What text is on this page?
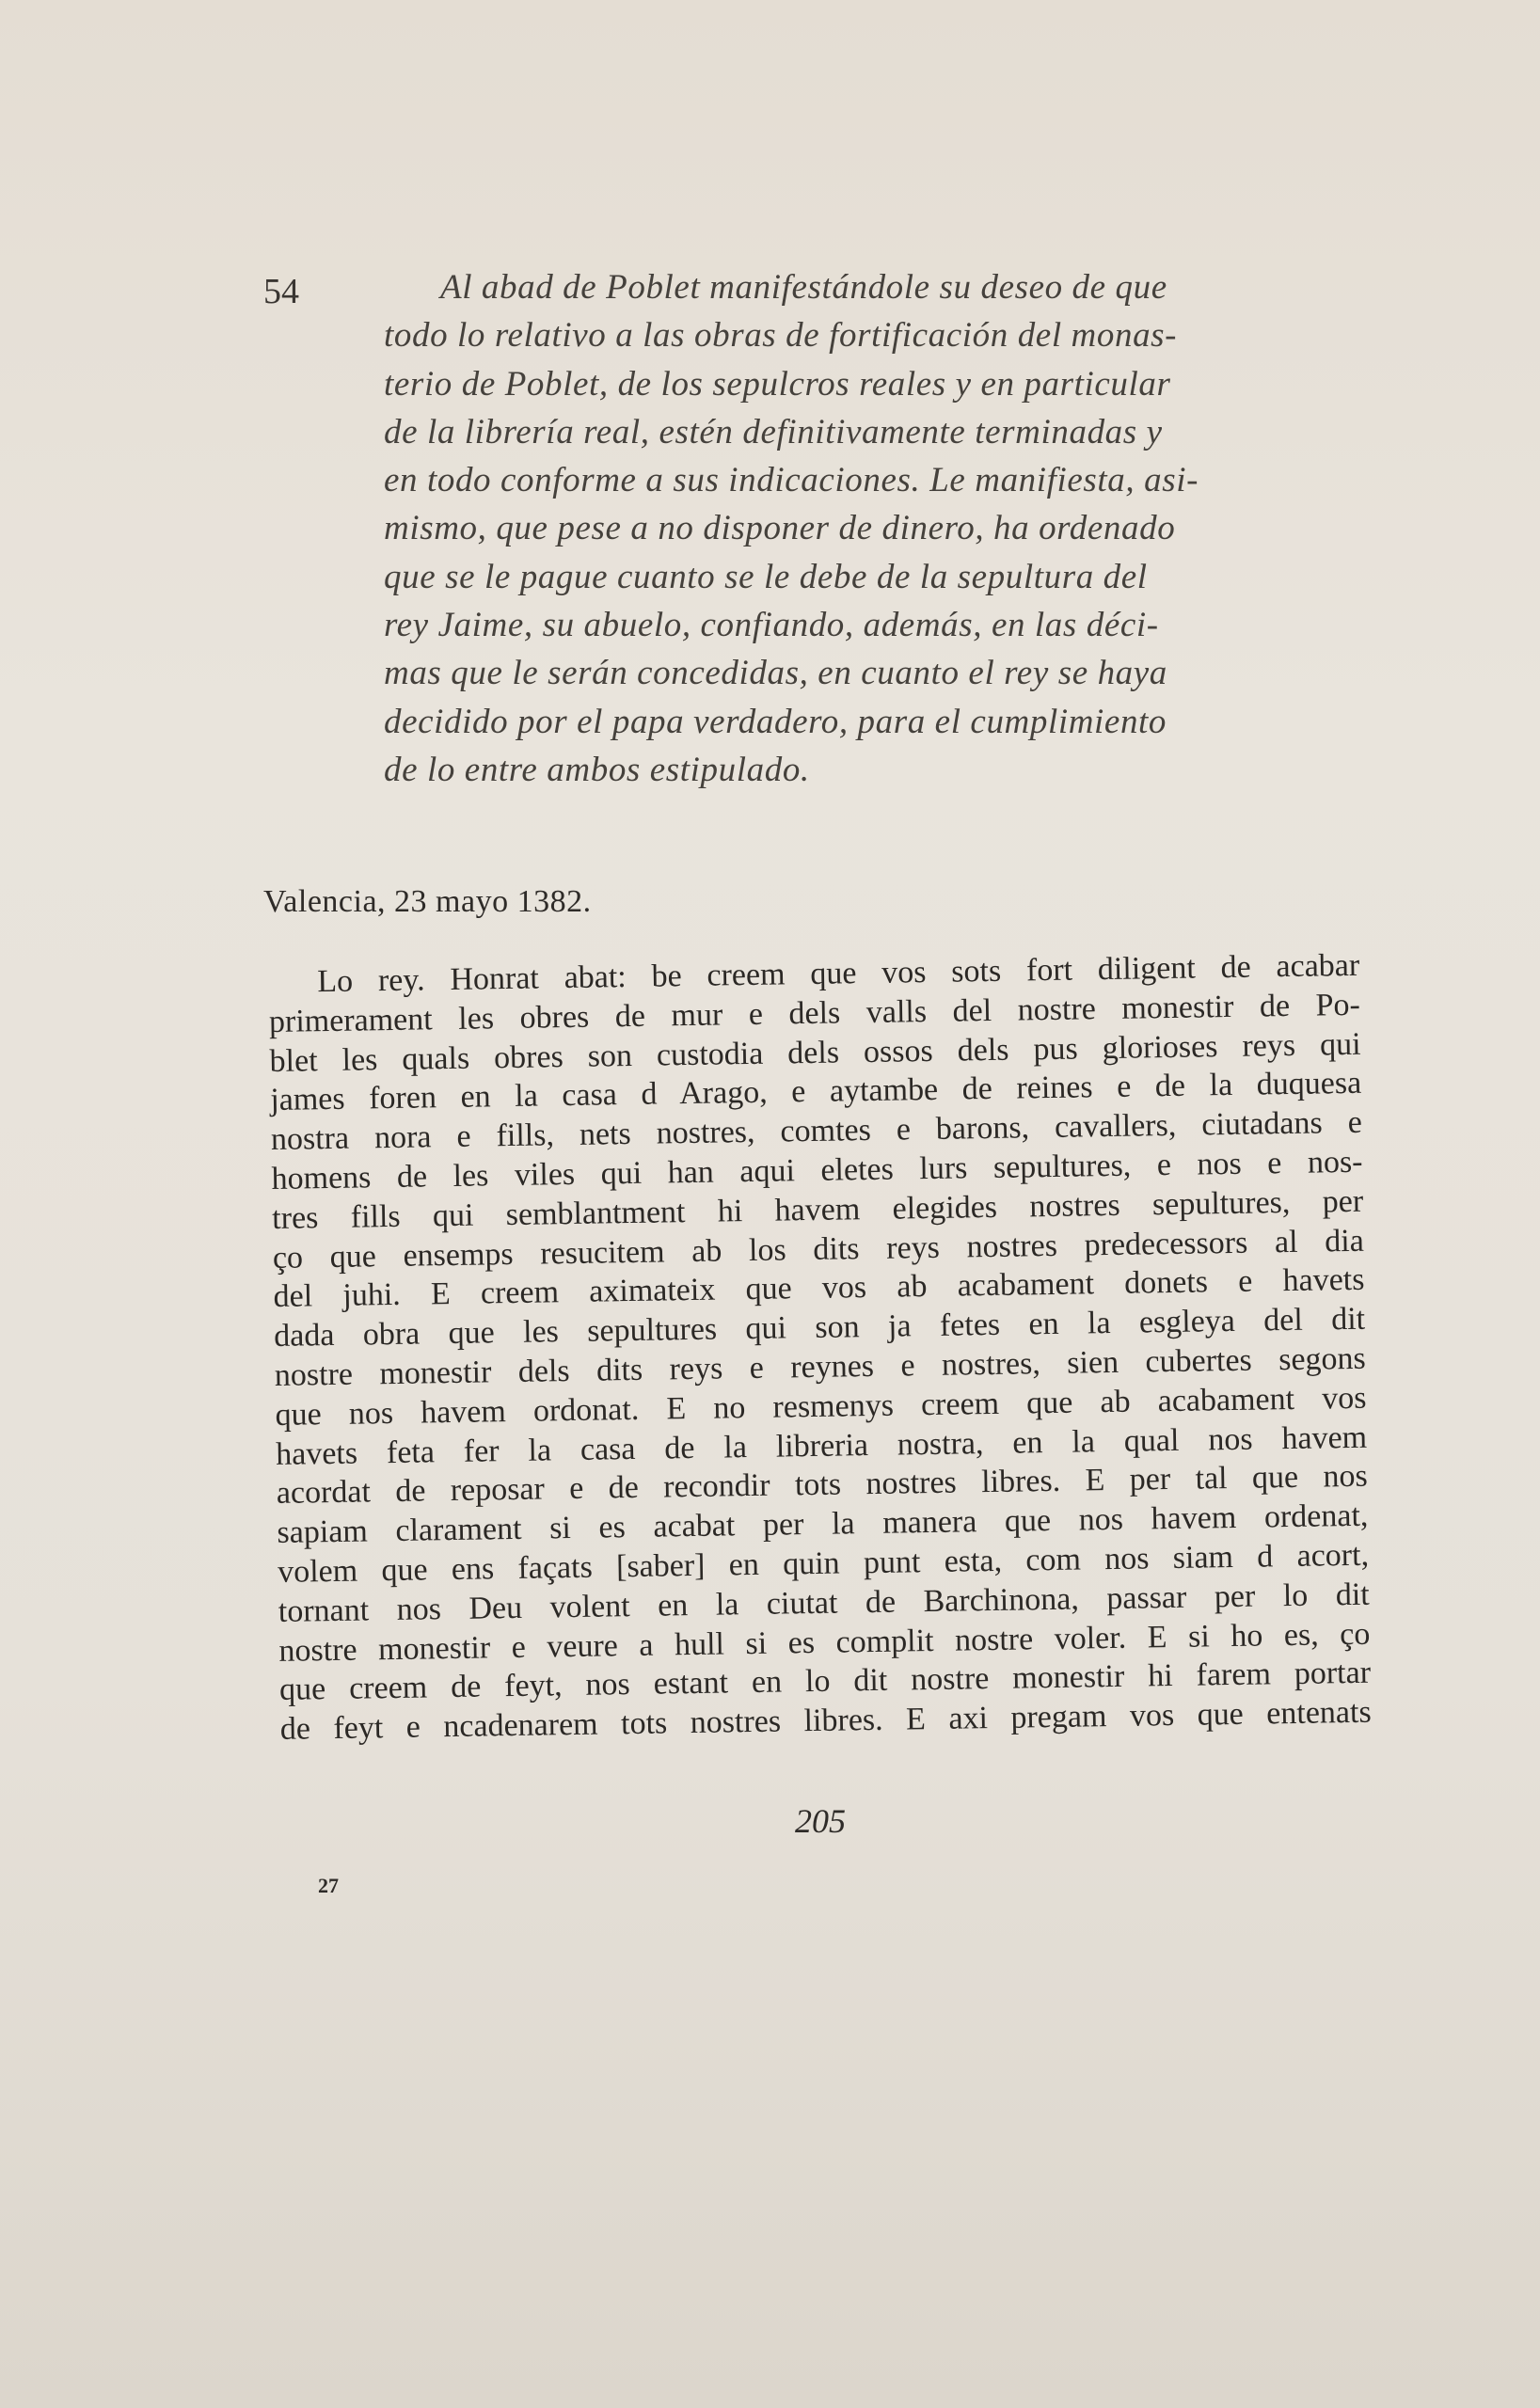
54	Al abad de Poblet manifestándole su deseo de que
todo lo relativo a las obras de fortificación del monas-
terio de Poblet, de los sepulcros reales y en particular
de la librería real, estén definitivamente terminadas y
en todo conforme a sus indicaciones. Le manifiesta, asi-
mismo, que pese a no disponer de dinero, ha ordenado
que se le pague cuanto se le debe de la sepultura del
rey Jaime, su abuelo, confiando, además, en las déci-
mas que le serán concedidas, en cuanto el rey se haya
decidido por el papa verdadero, para el cumplimiento
de lo entre ambos estipulado.
Valencia, 23 mayo 1382.
Lo rey. Honrat abat: be creem que vos sots fort diligent de acabar
primerament les obres de mur e dels valls del nostre monestir de Po-
blet les quals obres son custodia dels ossos dels pus glorioses reys qui
james foren en la casa d Arago, e aytambe de reines e de la duquesa
nostra nora e fills, nets nostres, comtes e barons, cavallers, ciutadans e
homens de les viles qui han aqui eletes lurs sepultures, e nos e nos-
tres fills qui semblantment hi havem elegides nostres sepultures, per
ço que ensemps resucitem ab los dits reys nostres predecessors al dia
del juhi. E creem aximateix que vos ab acabament donets e havets
dada obra que les sepultures qui son ja fetes en la esgleya del dit
nostre monestir dels dits reys e reynes e nostres, sien cubertes segons
que nos havem ordonat. E no resmenys creem que ab acabament vos
havets feta fer la casa de la libreria nostra, en la qual nos havem
acordat de reposar e de recondir tots nostres libres. E per tal que nos
sapiam clarament si es acabat per la manera que nos havem ordenat,
volem que ens façats [saber] en quin punt esta, com nos siam d acort,
tornant nos Deu volent en la ciutat de Barchinona, passar per lo dit
nostre monestir e veure a hull si es complit nostre voler. E si ho es, ço
que creem de feyt, nos estant en lo dit nostre monestir hi farem portar
de feyt e ncadenarem tots nostres libres. E axi pregam vos que entenats
205
27
